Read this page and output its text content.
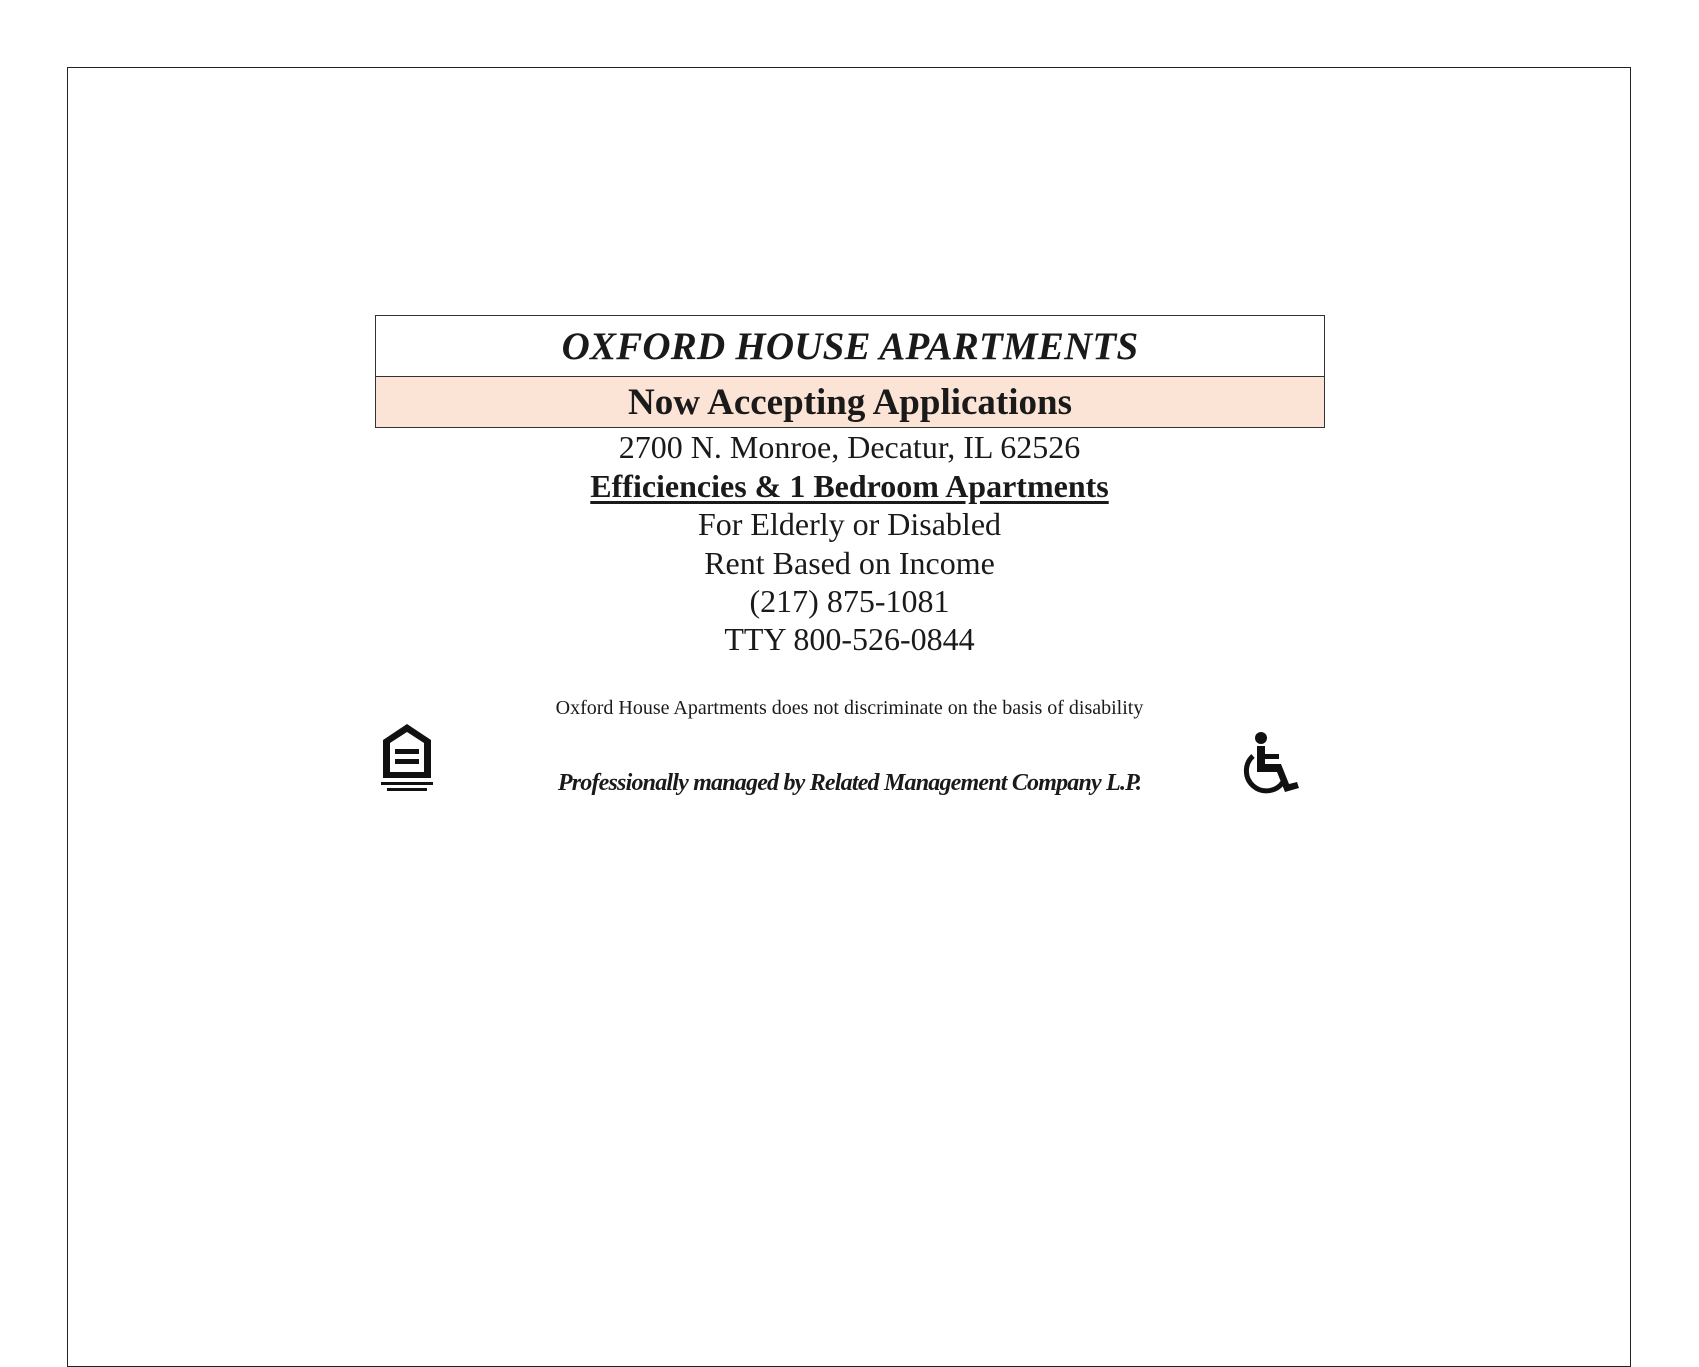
OXFORD HOUSE APARTMENTS
Now Accepting Applications
2700 N. Monroe, Decatur, IL 62526
Efficiencies & 1 Bedroom Apartments
For Elderly or Disabled
Rent Based on Income
(217) 875-1081
TTY 800-526-0844
Oxford House Apartments does not discriminate on the basis of disability
Professionally managed by Related Management Company L.P.
